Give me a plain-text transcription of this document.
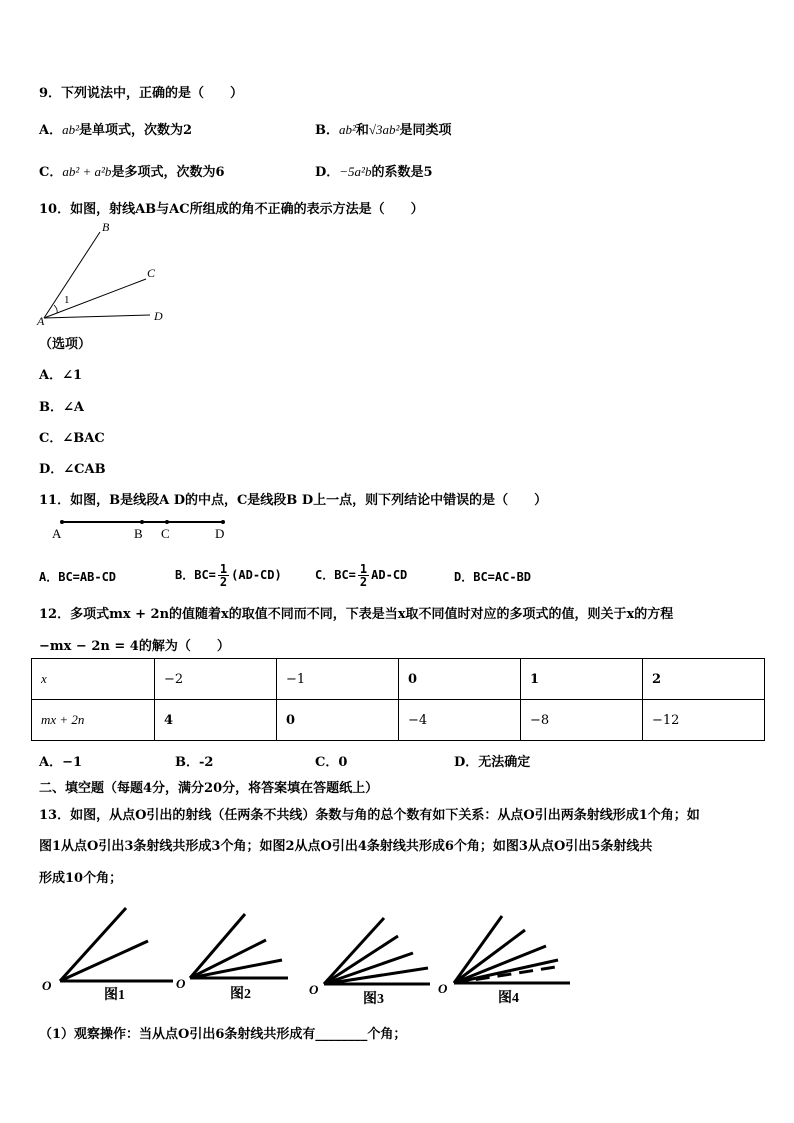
9．下列说法中，正确的是（　　）
A．ab²是单项式，次数为2	B．ab²和√3ab²是同类项
C．ab² + a²b是多项式，次数为6	D．−5a²b的系数是5
10．如图，射线AB与AC所组成的角不正确的表示方法是（　　）
B
C
D
A
1
（选项）
A．∠1
B．∠A
C．∠BAC
D．∠CAB
11．如图，B是线段A D的中点，C是线段B D上一点，则下列结论中错误的是（　　）
A	B C	D
A．BC=AB-CD	B．$BC= \frac{1}{2} (AD-CD)$	C．$BC= \frac{1}{2} AD-CD$	D．BC=AC-BD
12．多项式mx + 2n的值随着x的取值不同而不同，下表是当x取不同值时对应的多项式的值，则关于x的方程
−mx − 2n = 4的解为（　　）
x	−2	−1	0	1	2
mx + 2n	4	0	−4	−8	−12
A．−1	B．-2	C．0	D．无法确定
二、填空题（每题4分，满分20分，将答案填在答题纸上）
13．如图，从点O引出的射线（任两条不共线）条数与角的总个数有如下关系：从点O引出两条射线形成1个角；如
图1从点O引出3条射线共形成3个角；如图2从点O引出4条射线共形成6个角；如图3从点O引出5条射线共
形成10个角；
O
图1
O
图2	O
图3
O
图4
（1）观察操作：当从点O引出6条射线共形成有________个角；
